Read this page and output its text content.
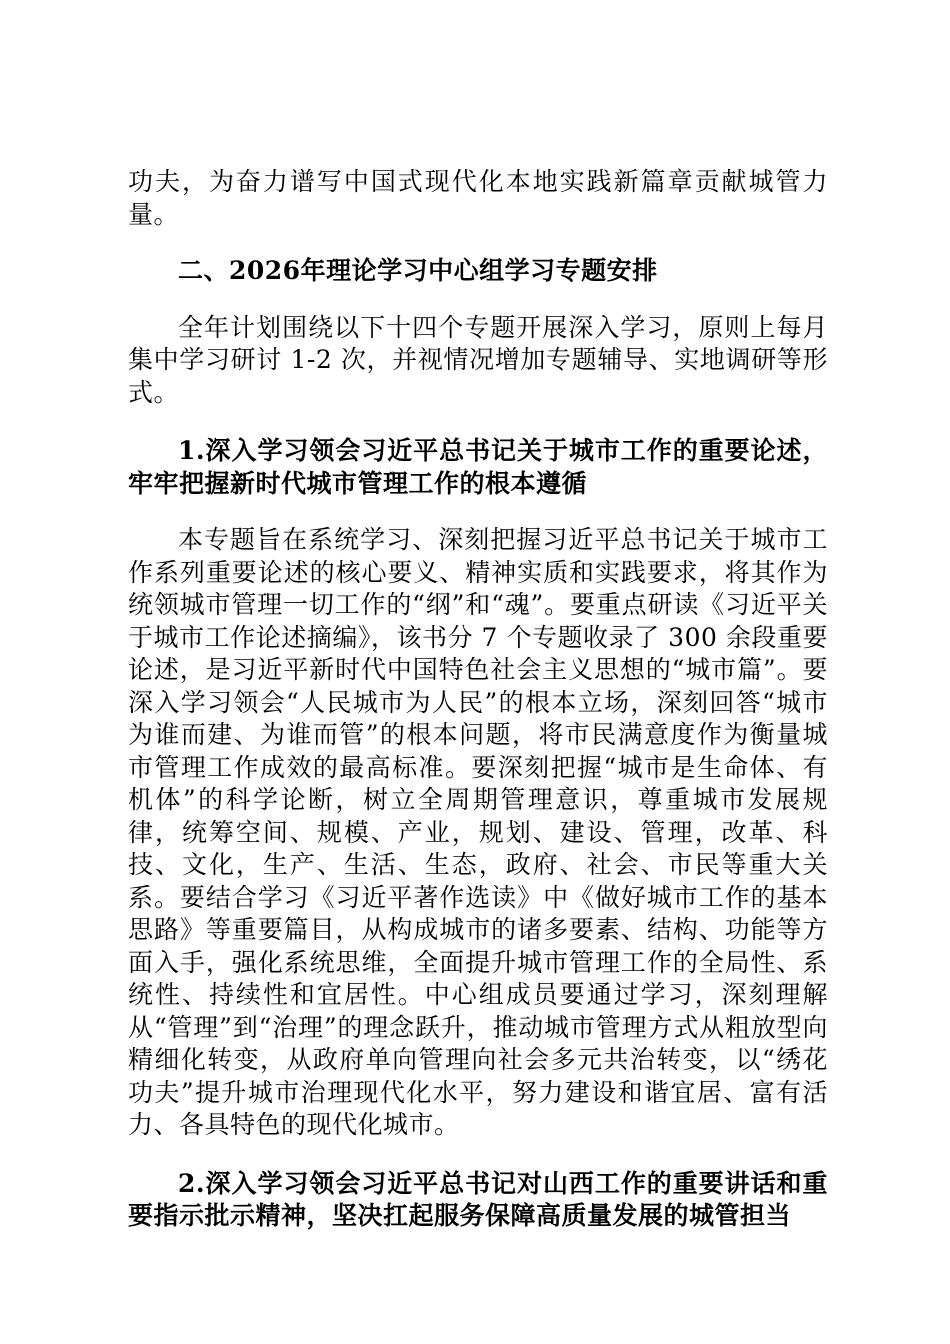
功夫，为奋力谱写中国式现代化本地实践新篇章贡献城管力量。

二、2026年理论学习中心组学习专题安排

全年计划围绕以下十四个专题开展深入学习，原则上每月集中学习研讨 1-2 次，并视情况增加专题辅导、实地调研等形式。

1.深入学习领会习近平总书记关于城市工作的重要论述，牢牢把握新时代城市管理工作的根本遵循

本专题旨在系统学习、深刻把握习近平总书记关于城市工作系列重要论述的核心要义、精神实质和实践要求，将其作为统领城市管理一切工作的“纲”和“魂”。要重点研读《习近平关于城市工作论述摘编》，该书分 7 个专题收录了 300 余段重要论述，是习近平新时代中国特色社会主义思想的“城市篇”。要深入学习领会“人民城市为人民”的根本立场，深刻回答“城市为谁而建、为谁而管”的根本问题，将市民满意度作为衡量城市管理工作成效的最高标准。要深刻把握“城市是生命体、有机体”的科学论断，树立全周期管理意识，尊重城市发展规律，统筹空间、规模、产业，规划、建设、管理，改革、科技、文化，生产、生活、生态，政府、社会、市民等重大关系。要结合学习《习近平著作选读》中《做好城市工作的基本思路》等重要篇目，从构成城市的诸多要素、结构、功能等方面入手，强化系统思维，全面提升城市管理工作的全局性、系统性、持续性和宜居性。中心组成员要通过学习，深刻理解从“管理”到“治理”的理念跃升，推动城市管理方式从粗放型向精细化转变，从政府单向管理向社会多元共治转变，以“绣花功夫”提升城市治理现代化水平，努力建设和谐宜居、富有活力、各具特色的现代化城市。

2.深入学习领会习近平总书记对山西工作的重要讲话和重要指示批示精神，坚决扛起服务保障高质量发展的城管担当
